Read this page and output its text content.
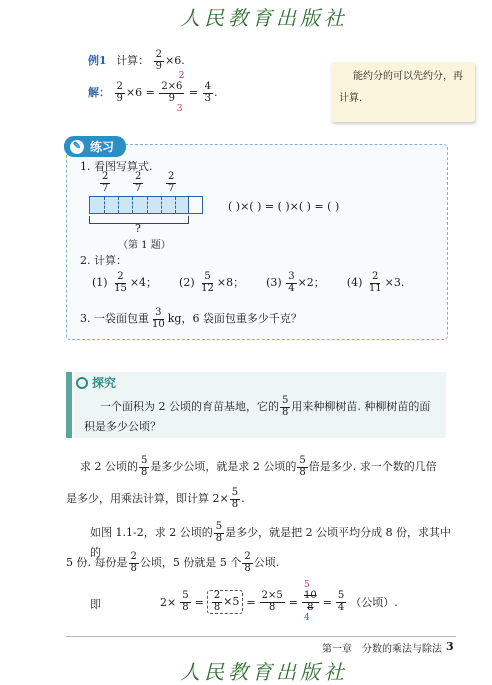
人民教育出版社
例1 计算： $\frac{2}{9} \times 6$.
解： $\frac{2}{9} \times 6 = 2\times 6$
9
2
3
= $\frac{4}{3}$ .
能约分的可以先约分，再计算.
✎ 练习
1. 看图写算式.
$\frac{2}{7} \frac{2}{7} \frac{2}{7}$
?
（第 1 题）
( )×( ) = ( )×( ) = ( )
2. 计算：
$(1) \frac{2}{15} \times 4$； $(2) \frac{5}{12} \times 8$； $(3) \frac{3}{4} \times 2$； $(4) \frac{2}{11} \times 3$.
3. 一袋面包重 $\frac{3}{10}$ kg，6 袋面包重多少千克？
探究
一个面积为 2 公顷的育苗基地，它的 $\frac{5}{8}$ 用来种柳树苗. 种柳树苗的面
积是多少公顷？
求 2 公顷的 $\frac{5}{8}$ 是多少公顷，就是求 2 公顷的 $\frac{5}{8}$ 倍是多少. 求一个数的几倍
是多少，用乘法计算，即计算 $2\times \frac{5}{8}$ .
如图 1.1-2，求 2 公顷的 $\frac{5}{8}$ 是多少，就是把 2 公顷平均分成 8 份，求其中的
5 份. 每份是 $\frac{2}{8}$ 公顷，5 份就是 5 个 $\frac{2}{8}$ 公顷.
即	$2\times \frac{5}{8} = \frac{2}{8} \times 5 = \frac{2\times 5}{8} = 10$
8
5
4
= $\frac{5}{4}$ （公顷）.
第一章　分数的乘法与除法 3
人民教育出版社
